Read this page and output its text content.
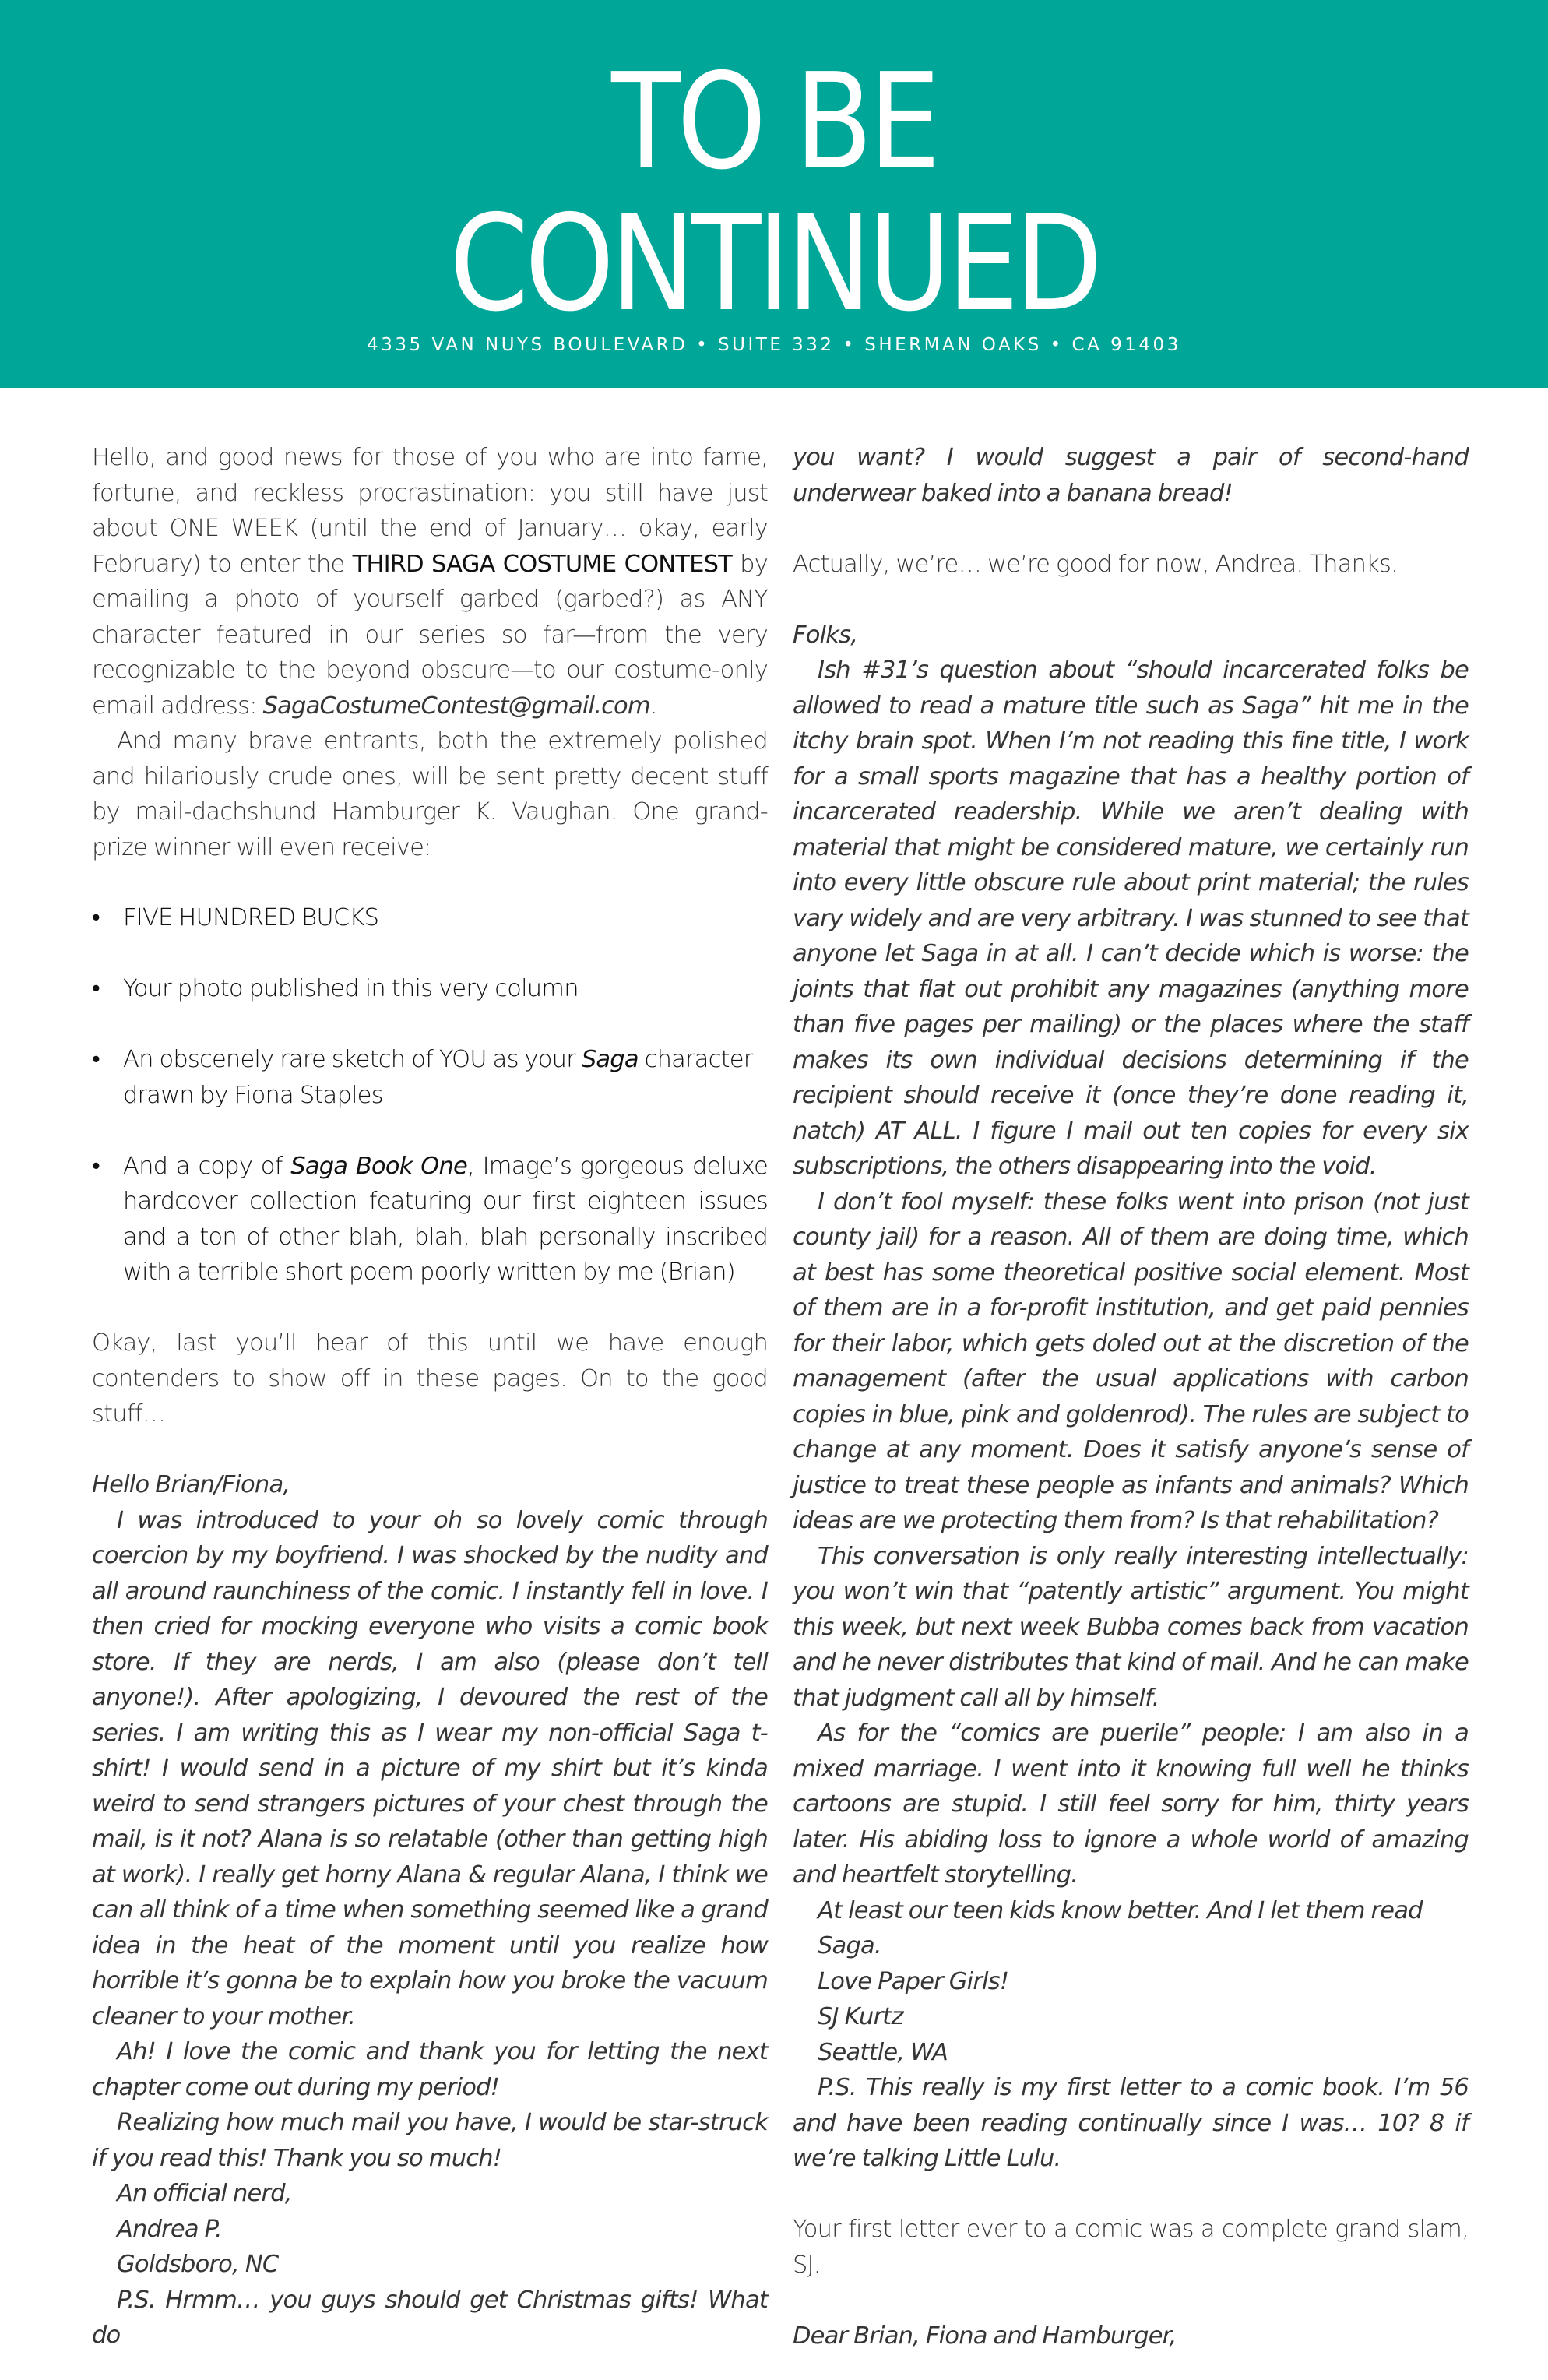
TO BE
CONTINUED
4335 VAN NUYS BOULEVARD • SUITE 332 • SHERMAN OAKS • CA 91403

Hello, and good news for those of you who are into fame, fortune, and reckless procrastination: you still have just about ONE WEEK (until the end of January… okay, early February) to enter the THIRD SAGA COSTUME CONTEST by emailing a photo of yourself garbed (garbed?) as ANY character featured in our series so far—from the very recognizable to the beyond obscure—to our costume-only email address: SagaCostumeContest@gmail.com.

And many brave entrants, both the extremely polished and hilariously crude ones, will be sent pretty decent stuff by mail-dachshund Hamburger K. Vaughan. One grand-prize winner will even receive:

• FIVE HUNDRED BUCKS
• Your photo published in this very column
• An obscenely rare sketch of YOU as your Saga character drawn by Fiona Staples
• And a copy of Saga Book One, Image’s gorgeous deluxe hardcover collection featuring our first eighteen issues and a ton of other blah, blah, blah personally inscribed with a terrible short poem poorly written by me (Brian)

Okay, last you’ll hear of this until we have enough contenders to show off in these pages. On to the good stuff…

Hello Brian/Fiona,

I was introduced to your oh so lovely comic through coercion by my boyfriend. I was shocked by the nudity and all around raunchiness of the comic. I instantly fell in love. I then cried for mocking everyone who visits a comic book store. If they are nerds, I am also (please don’t tell anyone!). After apologizing, I devoured the rest of the series. I am writing this as I wear my non-official Saga t-shirt! I would send in a picture of my shirt but it’s kinda weird to send strangers pictures of your chest through the mail, is it not? Alana is so relatable (other than getting high at work). I really get horny Alana & regular Alana, I think we can all think of a time when something seemed like a grand idea in the heat of the moment until you realize how horrible it’s gonna be to explain how you broke the vacuum cleaner to your mother.

Ah! I love the comic and thank you for letting the next chapter come out during my period!

Realizing how much mail you have, I would be star-struck if you read this! Thank you so much!

An official nerd,

Andrea P.

Goldsboro, NC

P.S. Hrmm… you guys should get Christmas gifts! What do

you want? I would suggest a pair of second-hand underwear baked into a banana bread!

Actually, we’re… we’re good for now, Andrea. Thanks.

Folks,

Ish #31’s question about “should incarcerated folks be allowed to read a mature title such as Saga” hit me in the itchy brain spot. When I’m not reading this fine title, I work for a small sports magazine that has a healthy portion of incarcerated readership. While we aren’t dealing with material that might be considered mature, we certainly run into every little obscure rule about print material; the rules vary widely and are very arbitrary. I was stunned to see that anyone let Saga in at all. I can’t decide which is worse: the joints that flat out prohibit any magazines (anything more than five pages per mailing) or the places where the staff makes its own individual decisions determining if the recipient should receive it (once they’re done reading it, natch) AT ALL. I figure I mail out ten copies for every six subscriptions, the others disappearing into the void.

I don’t fool myself: these folks went into prison (not just county jail) for a reason. All of them are doing time, which at best has some theoretical positive social element. Most of them are in a for-profit institution, and get paid pennies for their labor, which gets doled out at the discretion of the management (after the usual applications with carbon copies in blue, pink and goldenrod). The rules are subject to change at any moment. Does it satisfy anyone’s sense of justice to treat these people as infants and animals? Which ideas are we protecting them from? Is that rehabilitation?

This conversation is only really interesting intellectually: you won’t win that “patently artistic” argument. You might this week, but next week Bubba comes back from vacation and he never distributes that kind of mail. And he can make that judgment call all by himself.

As for the “comics are puerile” people: I am also in a mixed marriage. I went into it knowing full well he thinks cartoons are stupid. I still feel sorry for him, thirty years later. His abiding loss to ignore a whole world of amazing and heartfelt storytelling.

At least our teen kids know better. And I let them read Saga.

Love Paper Girls!

SJ Kurtz

Seattle, WA

P.S. This really is my first letter to a comic book. I’m 56 and have been reading continually since I was… 10? 8 if we’re talking Little Lulu.

Your first letter ever to a comic was a complete grand slam, SJ.

Dear Brian, Fiona and Hamburger,
